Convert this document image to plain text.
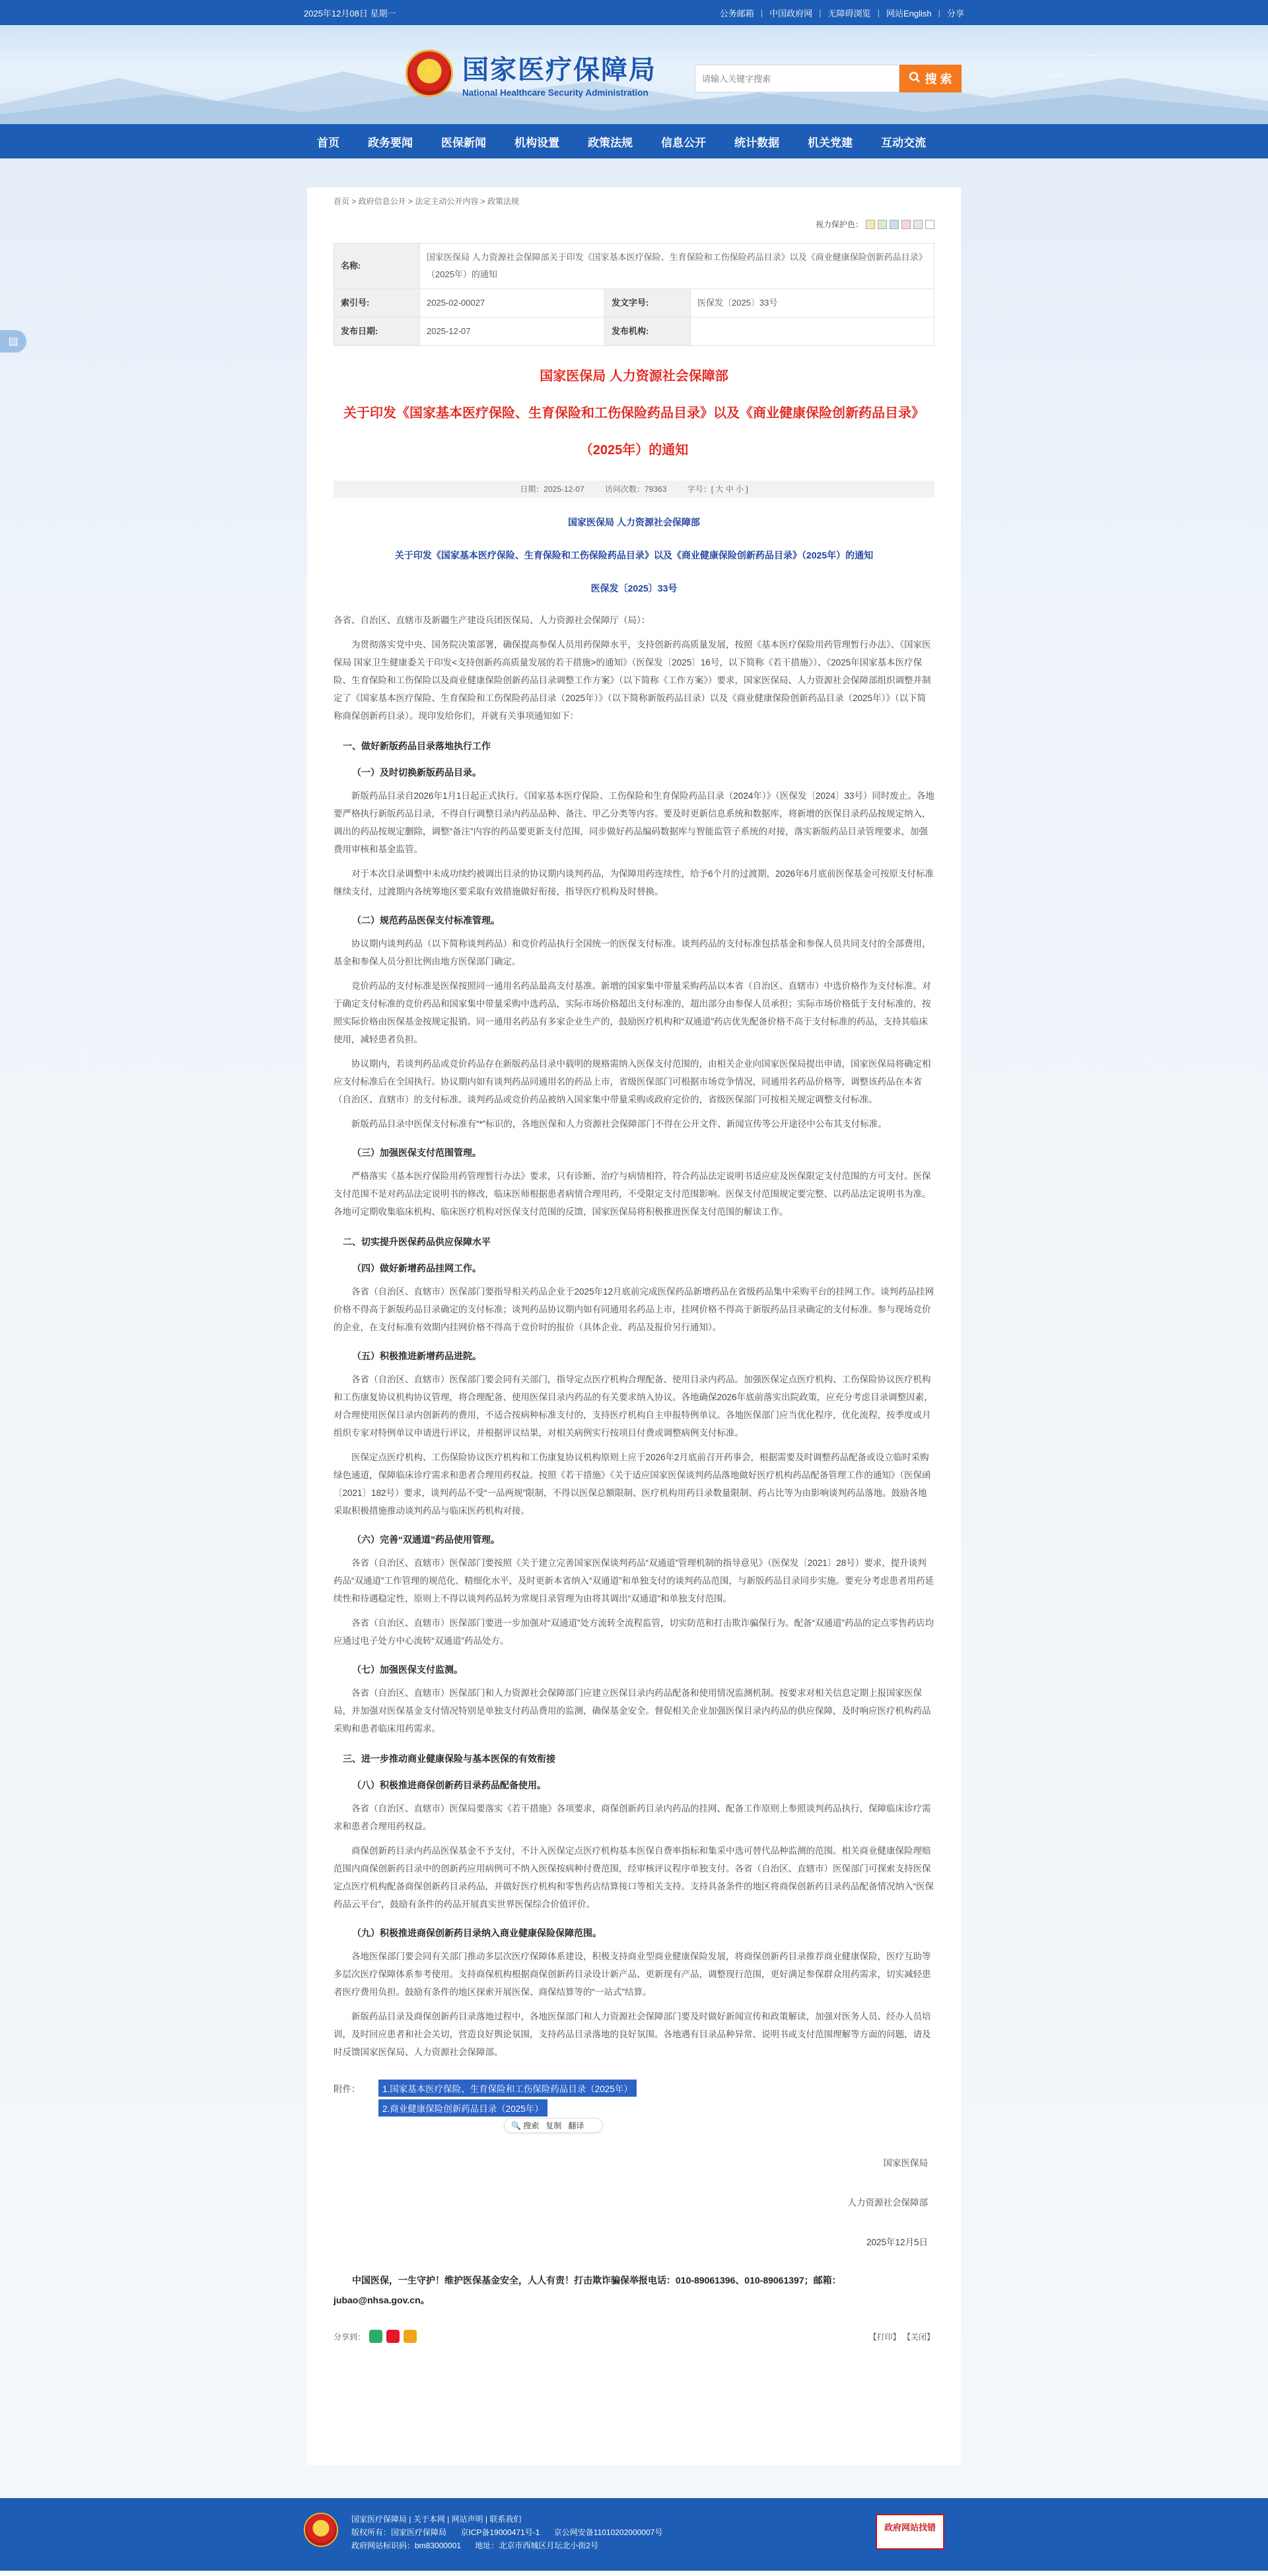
2025年12月08日 星期一	公务邮箱 | 中国政府网 | 无障碍浏览 | 网站English | 分享
⌒
⌒
★ 国家医疗保障局
National Healthcare Security Administration
请输入关键字搜索
搜 索
首页	政务要闻	医保新闻	机构设置	政策法规	信息公开	统计数据	机关党建	互动交流
▤
首页 > 政府信息公开 > 法定主动公开内容 > 政策法规
视力保护色：
名称:	国家医保局 人力资源社会保障部关于印发《国家基本医疗保险、生育保险和工伤保险药品目录》以及《商业健康保险创新药品目录》（2025年）的通知		
索引号:	2025-02-00027	发文字号:	医保发〔2025〕33号
发布日期:	2025-12-07	发布机构:	
国家医保局 人力资源社会保障部
关于印发《国家基本医疗保险、生育保险和工伤保险药品目录》以及《商业健康保险创新药品目录》
（2025年）的通知
日期：2025-12-07	访问次数：79363	字号：[ 大 中 小 ]
国家医保局 人力资源社会保障部
关于印发《国家基本医疗保险、生育保险和工伤保险药品目录》以及《商业健康保险创新药品目录》（2025年）的通知
医保发〔2025〕33号

各省、自治区、直辖市及新疆生产建设兵团医保局、人力资源社会保障厅（局）：

为贯彻落实党中央、国务院决策部署，确保提高参保人员用药保障水平，支持创新药高质量发展，按照《基本医疗保险用药管理暂行办法》、《国家医保局 国家卫生健康委关于印发<支持创新药高质量发展的若干措施>的通知》（医保发〔2025〕16号，以下简称《若干措施》）、《2025年国家基本医疗保险、生育保险和工伤保险以及商业健康保险创新药品目录调整工作方案》（以下简称《工作方案》）要求，国家医保局、人力资源社会保障部组织调整并制定了《国家基本医疗保险、生育保险和工伤保险药品目录（2025年）》（以下简称新版药品目录）以及《商业健康保险创新药品目录（2025年）》（以下简称商保创新药目录）。现印发给你们，并就有关事项通知如下：

一、做好新版药品目录落地执行工作
（一）及时切换新版药品目录。

新版药品目录自2026年1月1日起正式执行。《国家基本医疗保险、工伤保险和生育保险药品目录（2024年）》（医保发〔2024〕33号）同时废止。各地要严格执行新版药品目录，不得自行调整目录内药品品种、备注、甲乙分类等内容。要及时更新信息系统和数据库，将新增的医保目录药品按规定纳入，调出的药品按规定删除，调整“备注”内容的药品要更新支付范围，同步做好药品编码数据库与智能监管子系统的对接，落实新版药品目录管理要求，加强费用审核和基金监管。

对于本次目录调整中未成功续约被调出目录的协议期内谈判药品，为保障用药连续性，给予6个月的过渡期，2026年6月底前医保基金可按原支付标准继续支付，过渡期内各统筹地区要采取有效措施做好衔接，指导医疗机构及时替换。

（二）规范药品医保支付标准管理。

协议期内谈判药品（以下简称谈判药品）和竞价药品执行全国统一的医保支付标准。谈判药品的支付标准包括基金和参保人员共同支付的全部费用，基金和参保人员分担比例由地方医保部门确定。

竞价药品的支付标准是医保按照同一通用名药品最高支付基准。新增的国家集中带量采购药品以本省（自治区、直辖市）中选价格作为支付标准。对于确定支付标准的竞价药品和国家集中带量采购中选药品，实际市场价格超出支付标准的，超出部分由参保人员承担；实际市场价格低于支付标准的，按照实际价格由医保基金按规定报销。同一通用名药品有多家企业生产的，鼓励医疗机构和“双通道”药店优先配备价格不高于支付标准的药品，支持其临床使用，减轻患者负担。

协议期内，若谈判药品或竞价药品存在新版药品目录中载明的规格需纳入医保支付范围的，由相关企业向国家医保局提出申请，国家医保局将确定相应支付标准后在全国执行。协议期内如有谈判药品同通用名的药品上市，省级医保部门可根据市场竞争情况，同通用名药品价格等，调整该药品在本省（自治区、直辖市）的支付标准。谈判药品或竞价药品被纳入国家集中带量采购或政府定价的，省级医保部门可按相关规定调整支付标准。

新版药品目录中医保支付标准有“*”标识的，各地医保和人力资源社会保障部门不得在公开文件、新闻宣传等公开途径中公布其支付标准。

（三）加强医保支付范围管理。

严格落实《基本医疗保险用药管理暂行办法》要求，只有诊断、治疗与病情相符，符合药品法定说明书适应症及医保限定支付范围的方可支付。医保支付范围不是对药品法定说明书的修改，临床医师根据患者病情合理用药，不受限定支付范围影响。医保支付范围规定要完整、以药品法定说明书为准。各地可定期收集临床机构、临床医疗机构对医保支付范围的反馈，国家医保局将积极推进医保支付范围的解读工作。

二、切实提升医保药品供应保障水平
（四）做好新增药品挂网工作。

各省（自治区、直辖市）医保部门要指导相关药品企业于2025年12月底前完成医保药品新增药品在省级药品集中采购平台的挂网工作。谈判药品挂网价格不得高于新版药品目录确定的支付标准；谈判药品协议期内如有同通用名药品上市，挂网价格不得高于新版药品目录确定的支付标准。参与现场竞价的企业，在支付标准有效期内挂网价格不得高于竞价时的报价（具体企业、药品及报价另行通知）。

（五）积极推进新增药品进院。

各省（自治区、直辖市）医保部门要会同有关部门，指导定点医疗机构合理配备、使用目录内药品。加强医保定点医疗机构、工伤保险协议医疗机构和工伤康复协议机构协议管理，将合理配备、使用医保目录内药品的有关要求纳入协议。各地确保2026年底前落实出院政策，应充分考虑目录调整因素，对合理使用医保目录内创新药的费用，不适合按病种标准支付的，支持医疗机构自主申报特例单议。各地医保部门应当优化程序，优化流程，按季度或月组织专家对特例单议申请进行评议，并根据评议结果，对相关病例实行按项目付费或调整病例支付标准。

医保定点医疗机构、工伤保险协议医疗机构和工伤康复协议机构原则上应于2026年2月底前召开药事会，根据需要及时调整药品配备或设立临时采购绿色通道，保障临床诊疗需求和患者合理用药权益。按照《若干措施》《关于适应国家医保谈判药品落地做好医疗机构药品配备管理工作的通知》（医保函〔2021〕182号）要求，谈判药品不受“一品两规”限制，不得以医保总额限制、医疗机构用药目录数量限制、药占比等为由影响谈判药品落地。鼓励各地采取积极措施推动谈判药品与临床医药机构对接。

（六）完善“双通道”药品使用管理。

各省（自治区、直辖市）医保部门要按照《关于建立完善国家医保谈判药品“双通道”管理机制的指导意见》（医保发〔2021〕28号）要求，提升谈判药品“双通道”工作管理的规范化、精细化水平，及时更新本省纳入“双通道”和单独支付的谈判药品范围，与新版药品目录同步实施。要充分考虑患者用药延续性和待遇稳定性，原则上不得以谈判药品转为常规目录管理为由将其调出“双通道”和单独支付范围。

各省（自治区、直辖市）医保部门要进一步加强对“双通道”处方流转全流程监管，切实防范和打击欺诈骗保行为。配备“双通道”药品的定点零售药店均应通过电子处方中心流转“双通道”药品处方。

（七）加强医保支付监测。

各省（自治区、直辖市）医保部门和人力资源社会保障部门应建立医保目录内药品配备和使用情况监测机制。按要求对相关信息定期上报国家医保局，并加强对医保基金支付情况特别是单独支付药品费用的监测，确保基金安全。督促相关企业加强医保目录内药品的供应保障，及时响应医疗机构药品采购和患者临床用药需求。

三、进一步推动商业健康保险与基本医保的有效衔接
（八）积极推进商保创新药目录药品配备使用。

各省（自治区、直辖市）医保局要落实《若干措施》各项要求，商保创新药目录内药品的挂网、配备工作原则上参照谈判药品执行，保障临床诊疗需求和患者合理用药权益。

商保创新药目录内药品医保基金不予支付，不计入医保定点医疗机构基本医保自费率指标和集采中选可替代品种监测的范围。相关商业健康保险理赔范围内商保创新药目录中的创新药应用病例可不纳入医保按病种付费范围，经审核评议程序单独支付。各省（自治区、直辖市）医保部门可探索支持医保定点医疗机构配备商保创新药目录药品，并做好医疗机构和零售药店结算接口等相关支持。支持具备条件的地区将商保创新药目录药品配备情况纳入“医保药品云平台”，鼓励有条件的药品开展真实世界医保综合价值评价。

（九）积极推进商保创新药目录纳入商业健康保险保障范围。

各地医保部门要会同有关部门推动多层次医疗保障体系建设，积极支持商业型商业健康保险发展，将商保创新药目录推荐商业健康保险，医疗互助等多层次医疗保障体系参考使用。支持商保机构根据商保创新药目录设计新产品、更新现有产品，调整现行范围，更好满足参保群众用药需求，切实减轻患者医疗费用负担。鼓励有条件的地区探索开展医保、商保结算等的“一站式”结算。

新版药品目录及商保创新药目录落地过程中，各地医保部门和人力资源社会保障部门要及时做好新闻宣传和政策解读，加强对医务人员、经办人员培训，及时回应患者和社会关切，营造良好舆论氛围，支持药品目录落地的良好氛围。各地遇有目录品种异常、说明书或支付范围理解等方面的问题，请及时反馈国家医保局、人力资源社会保障部。

附件：	1.国家基本医疗保险、生育保险和工伤保险药品目录（2025年）
2.商业健康保险创新药品目录（2025年）
🔍 搜索 复制 翻译
国家医保局
人力资源社会保障部
2025年12月5日
中国医保，一生守护！维护医保基金安全，人人有责！打击欺诈骗保举报电话：010-89061396、010-89061397；邮箱：jubao@nhsa.gov.cn。
分享到：	【打印】 【关闭】
国家医疗保障局 | 关于本网 | 网站声明 | 联系我们
版权所有：国家医疗保障局 京ICP备19000471号-1 京公网安备11010202000007号
政府网站标识码：bm83000001 地址：北京市西城区月坛北小街2号
政府网站找错
